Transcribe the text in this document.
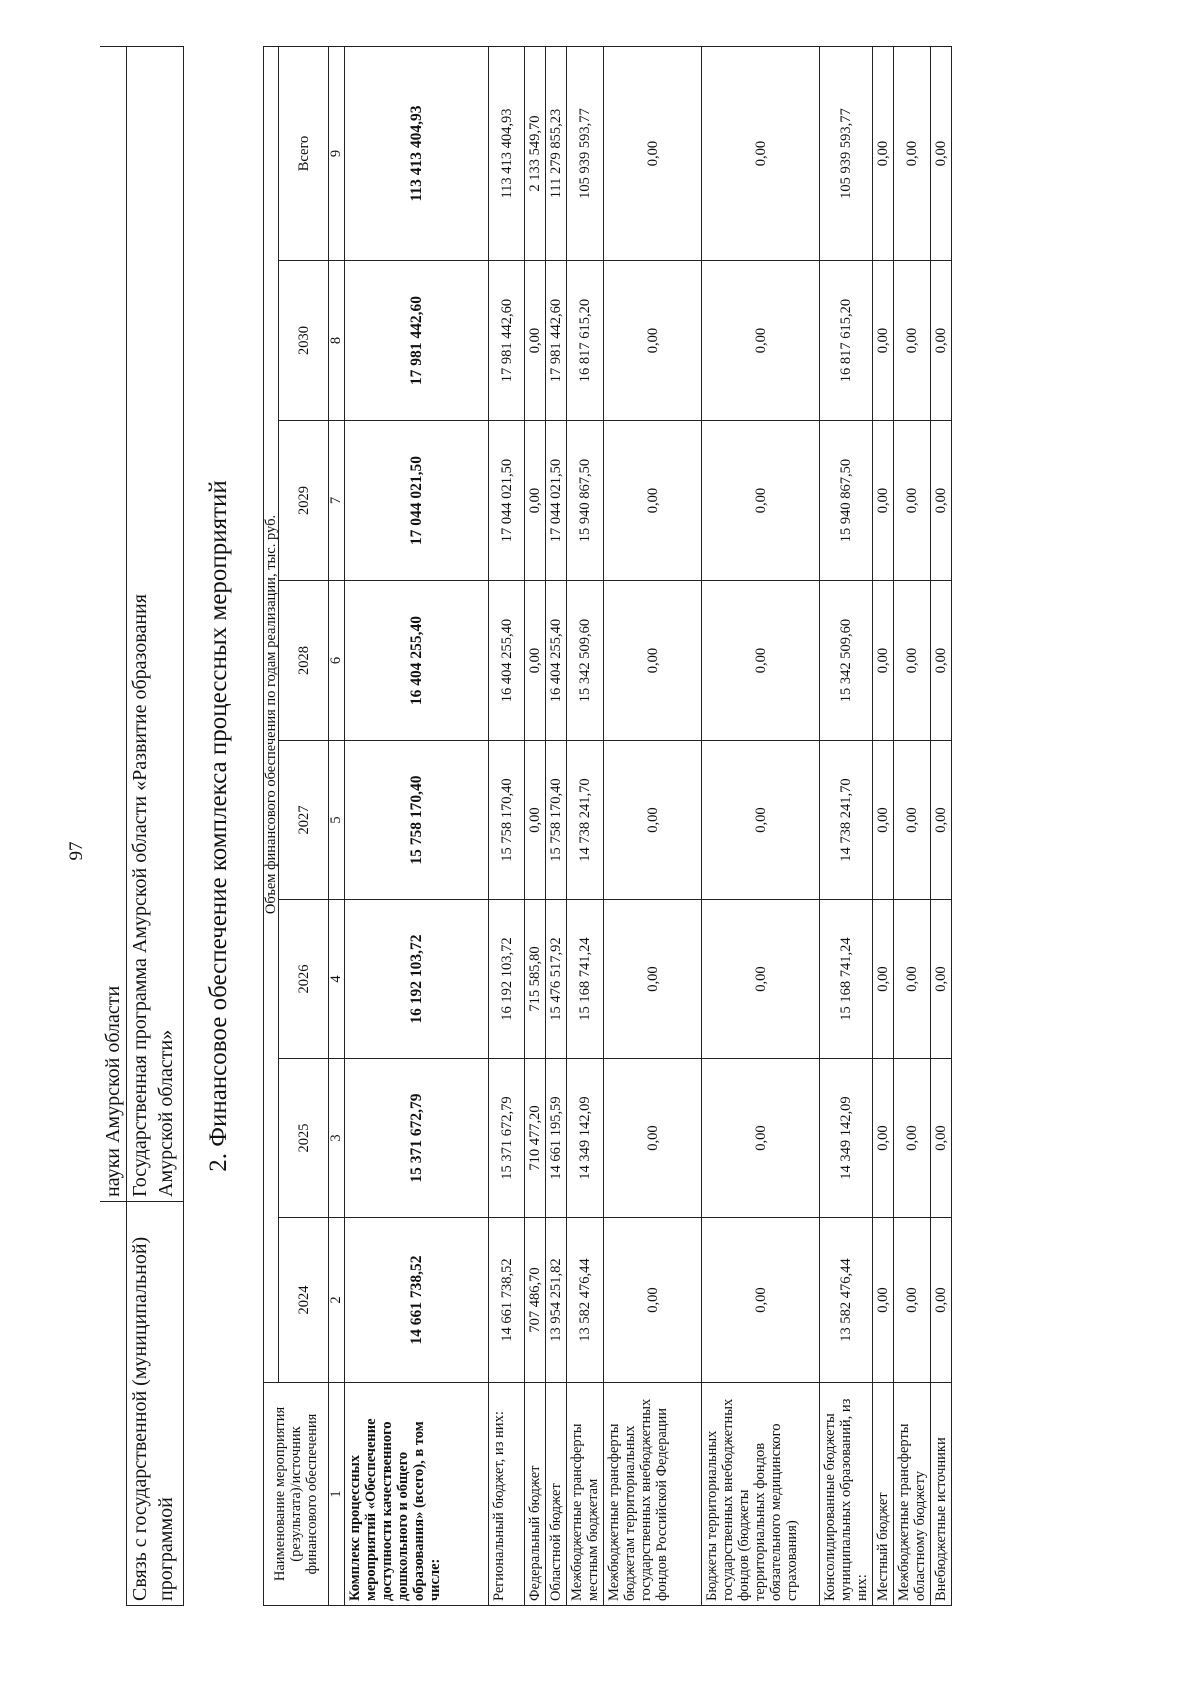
97
	науки Амурской области
Связь с государственной (муниципальной) программой	Государственная программа Амурской области «Развитие образования Амурской области» 2. Финансовое обеспечение комплекса процессных мероприятий
Наименование мероприятия (результата)/источник финансового обеспечения	Объем финансового обеспечения по годам реализации, тыс. руб.							
	2024	2025	2026	2027	2028	2029	2030	Всего
1	2	3	4	5	6	7	8	9
Комплекс процессных мероприятий «Обеспечение доступности качественного дошкольного и общего образования» (всего), в том числе:	14 661 738,52	15 371 672,79	16 192 103,72	15 758 170,40	16 404 255,40	17 044 021,50	17 981 442,60	113 413 404,93
Региональный бюджет, из них:	14 661 738,52	15 371 672,79	16 192 103,72	15 758 170,40	16 404 255,40	17 044 021,50	17 981 442,60	113 413 404,93
Федеральный бюджет	707 486,70	710 477,20	715 585,80	0,00	0,00	0,00	0,00	2 133 549,70
Областной бюджет	13 954 251,82	14 661 195,59	15 476 517,92	15 758 170,40	16 404 255,40	17 044 021,50	17 981 442,60	111 279 855,23
Межбюджетные трансферты местным бюджетам	13 582 476,44	14 349 142,09	15 168 741,24	14 738 241,70	15 342 509,60	15 940 867,50	16 817 615,20	105 939 593,77
Межбюджетные трансферты бюджетам территориальных государственных внебюджетных фондов Российской Федерации	0,00	0,00	0,00	0,00	0,00	0,00	0,00	0,00
Бюджеты территориальных государственных внебюджетных фондов (бюджеты территориальных фондов обязательного медицинского страхования)	0,00	0,00	0,00	0,00	0,00	0,00	0,00	0,00
Консолидированные бюджеты муниципальных образований, из них:	13 582 476,44	14 349 142,09	15 168 741,24	14 738 241,70	15 342 509,60	15 940 867,50	16 817 615,20	105 939 593,77
Местный бюджет	0,00	0,00	0,00	0,00	0,00	0,00	0,00	0,00
Межбюджетные трансферты областному бюджету	0,00	0,00	0,00	0,00	0,00	0,00	0,00	0,00
Внебюджетные источники	0,00	0,00	0,00	0,00	0,00	0,00	0,00	0,00
